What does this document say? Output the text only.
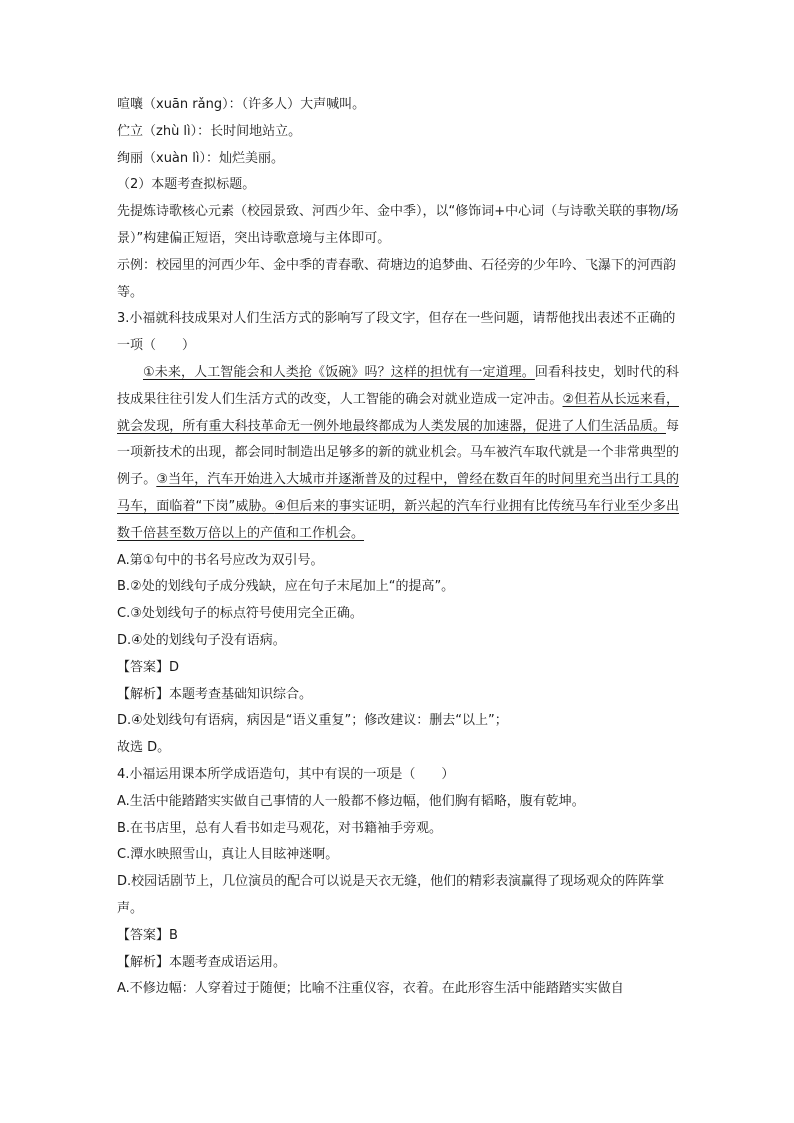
喧嚷（xuān rǎng）：（许多人）大声喊叫。
伫立（zhù lì）：长时间地站立。
绚丽（xuàn lì）：灿烂美丽。
（2）本题考查拟标题。
先提炼诗歌核心元素（校园景致、河西少年、金中季），以“修饰词+中心词（与诗歌关联的事物/场景）”构建偏正短语，突出诗歌意境与主体即可。
示例：校园里的河西少年、金中季的青春歌、荷塘边的追梦曲、石径旁的少年吟、飞瀑下的河西韵等。
3.小福就科技成果对人们生活方式的影响写了段文字，但存在一些问题，请帮他找出表述不正确的一项（　　）
①未来，人工智能会和人类抢《饭碗》吗？这样的担忧有一定道理。回看科技史，划时代的科技成果往往引发人们生活方式的改变，人工智能的确会对就业造成一定冲击。②但若从长远来看，就会发现，所有重大科技革命无一例外地最终都成为人类发展的加速器，促进了人们生活品质。每一项新技术的出现，都会同时制造出足够多的新的就业机会。马车被汽车取代就是一个非常典型的例子。③当年，汽车开始进入大城市并逐渐普及的过程中，曾经在数百年的时间里充当出行工具的马车，面临着“下岗”威胁。④但后来的事实证明，新兴起的汽车行业拥有比传统马车行业至少多出数千倍甚至数万倍以上的产值和工作机会。
A.第①句中的书名号应改为双引号。
B.②处的划线句子成分残缺，应在句子末尾加上“的提高”。
C.③处划线句子的标点符号使用完全正确。
D.④处的划线句子没有语病。
【答案】D
【解析】本题考查基础知识综合。
D.④处划线句有语病，病因是“语义重复”；修改建议：删去“以上”；
故选 D。
4.小福运用课本所学成语造句，其中有误的一项是（　　）
A.生活中能踏踏实实做自己事情的人一般都不修边幅，他们胸有韬略，腹有乾坤。
B.在书店里，总有人看书如走马观花，对书籍袖手旁观。
C.潭水映照雪山，真让人目眩神迷啊。
D.校园话剧节上，几位演员的配合可以说是天衣无缝，他们的精彩表演赢得了现场观众的阵阵掌声。
【答案】B
【解析】本题考查成语运用。
A.不修边幅：人穿着过于随便；比喻不注重仪容，衣着。在此形容生活中能踏踏实实做自
